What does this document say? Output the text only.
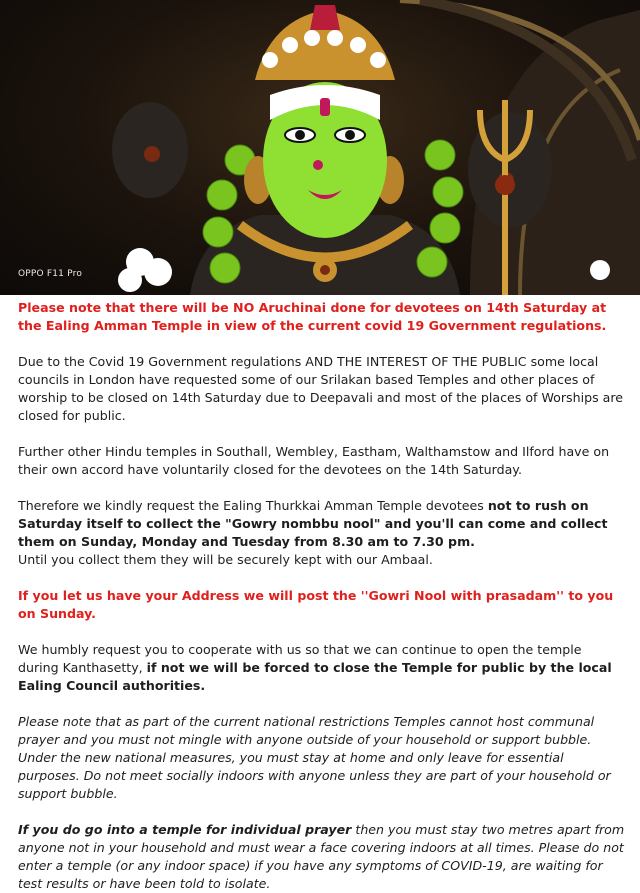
OPPO F11 Pro

Please note that there will be NO Aruchinai done for devotees on 14th Saturday at the Ealing Amman Temple in view of the current covid 19 Government regulations.

Due to the Covid 19 Government regulations AND THE INTEREST OF THE PUBLIC some local councils in London have requested some of our Srilakan based Temples and other places of worship to be closed on 14th Saturday due to Deepavali and most of the places of Worships are closed for public.

Further other Hindu temples in Southall, Wembley, Eastham, Walthamstow and Ilford have on their own accord have voluntarily closed for the devotees on the 14th Saturday.

Therefore we kindly request the Ealing Thurkkai Amman Temple devotees not to rush on Saturday itself to collect the "Gowry nombbu nool" and you'll can come and collect them on Sunday, Monday and Tuesday from 8.30 am to 7.30 pm.
Until you collect them they will be securely kept with our Ambaal.

If you let us have your Address we will post the ''Gowri Nool with prasadam'' to you on Sunday.

We humbly request you to cooperate with us so that we can continue to open the temple during Kanthasetty, if not we will be forced to close the Temple for public by the local Ealing Council authorities.

Please note that as part of the current national restrictions Temples cannot host communal prayer and you must not mingle with anyone outside of your household or support bubble. Under the new national measures, you must stay at home and only leave for essential purposes. Do not meet socially indoors with anyone unless they are part of your household or support bubble.

If you do go into a temple for individual prayer then you must stay two metres apart from anyone not in your household and must wear a face covering indoors at all times. Please do not enter a temple (or any indoor space) if you have any symptoms of COVID-19, are waiting for test results or have been told to isolate.
